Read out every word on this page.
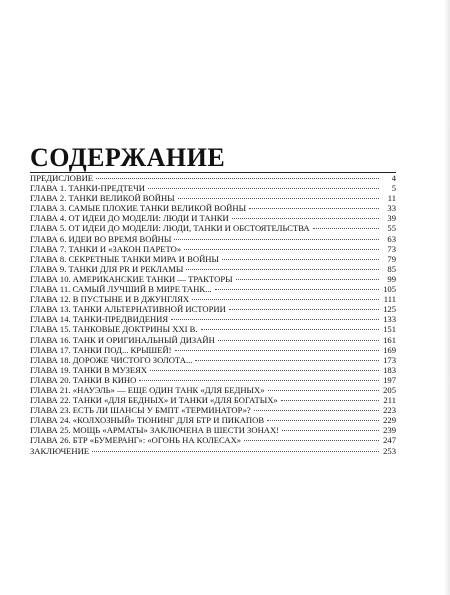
СОДЕРЖАНИЕ
ПРЕДИСЛОВИЕ	4
ГЛАВА 1. ТАНКИ-ПРЕДТЕЧИ	5
ГЛАВА 2. ТАНКИ ВЕЛИКОЙ ВОЙНЫ	11
ГЛАВА 3. САМЫЕ ПЛОХИЕ ТАНКИ ВЕЛИКОЙ ВОЙНЫ	33
ГЛАВА 4. ОТ ИДЕИ ДО МОДЕЛИ: ЛЮДИ И ТАНКИ	39
ГЛАВА 5. ОТ ИДЕИ ДО МОДЕЛИ: ЛЮДИ, ТАНКИ И ОБСТОЯТЕЛЬСТВА	55
ГЛАВА 6. ИДЕИ ВО ВРЕМЯ ВОЙНЫ	63
ГЛАВА 7. ТАНКИ И «ЗАКОН ПАРЕТО»	73
ГЛАВА 8. СЕКРЕТНЫЕ ТАНКИ МИРА И ВОЙНЫ	79
ГЛАВА 9. ТАНКИ ДЛЯ PR И РЕКЛАМЫ	85
ГЛАВА 10. АМЕРИКАНСКИЕ ТАНКИ — ТРАКТОРЫ	99
ГЛАВА 11. САМЫЙ ЛУЧШИЙ В МИРЕ ТАНК...	105
ГЛАВА 12. В ПУСТЫНЕ И В ДЖУНГЛЯХ	111
ГЛАВА 13. ТАНКИ АЛЬТЕРНАТИВНОЙ ИСТОРИИ	125
ГЛАВА 14. ТАНКИ-ПРЕДВИДЕНИЯ	133
ГЛАВА 15. ТАНКОВЫЕ ДОКТРИНЫ XXI В.	151
ГЛАВА 16. ТАНК И ОРИГИНАЛЬНЫЙ ДИЗАЙН	161
ГЛАВА 17. ТАНКИ ПОД... КРЫШЕЙ!	169
ГЛАВА 18. ДОРОЖЕ ЧИСТОГО ЗОЛОТА...	173
ГЛАВА 19. ТАНКИ В МУЗЕЯХ	183
ГЛАВА 20. ТАНКИ В КИНО	197
ГЛАВА 21. «НАУЭЛЬ» — ЕЩЕ ОДИН ТАНК «ДЛЯ БЕДНЫХ»	205
ГЛАВА 22. ТАНКИ «ДЛЯ БЕДНЫХ» И ТАНКИ «ДЛЯ БОГАТЫХ»	211
ГЛАВА 23. ЕСТЬ ЛИ ШАНСЫ У БМПТ «ТЕРМИНАТОР»?	223
ГЛАВА 24. «КОЛХОЗНЫЙ» ТЮНИНГ ДЛЯ БТР И ПИКАПОВ	229
ГЛАВА 25. МОЩЬ «АРМАТЫ» ЗАКЛЮЧЕНА В ШЕСТИ ЗОНАХ!	239
ГЛАВА 26. БТР «БУМЕРАНГ»: «ОГОНЬ НА КОЛЕСАХ»	247
ЗАКЛЮЧЕНИЕ	253
